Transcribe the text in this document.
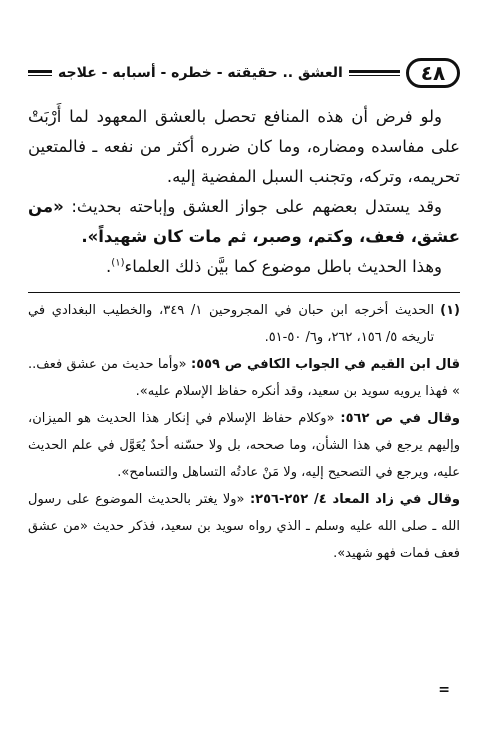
٤٨
العشق .. حقيقته - خطره - أسبابه - علاجه

ولو فرض أن هذه المنافع تحصل بالعشق المعهود لما أَرْبَتْ على مفاسده ومضاره، وما كان ضرره أكثر من نفعه ـ فالمتعين تحريمه، وتركه، وتجنب السبل المفضية إليه.

وقد يستدل بعضهم على جواز العشق وإباحته بحديث: «من عشق، فعف، وكتم، وصبر، ثم مات كان شهيداً».

وهذا الحديث باطل موضوع كما بيَّن ذلك العلماء$^{(١)}$.

(١)
الحديث أخرجه ابن حبان في المجروحين ١/ ٣٤٩، والخطيب البغدادي في تاريخه ٥/ ١٥٦، ٢٦٢، و٦/ ٥٠-٥١.

قال ابن القيم في الجواب الكافي ص ٥٥٩: «وأما حديث من عشق فعف.. » فهذا يرويه سويد بن سعيد، وقد أنكره حفاظ الإسلام عليه».

وقال في ص ٥٦٢: «وكلام حفاظ الإسلام في إنكار هذا الحديث هو الميزان، وإليهم يرجع في هذا الشأن، وما صححه، بل ولا حسّنه أحدٌ يُعَوَّل في علم الحديث عليه، ويرجع في التصحيح إليه، ولا مَنْ عادتُه التساهل والتسامح».

وقال في زاد المعاد ٤/ ٢٥٢-٢٥٦: «ولا يغتر بالحديث الموضوع على رسول الله ـ صلى الله عليه وسلم ـ الذي رواه سويد بن سعيد، فذكر حديث «من عشق فعف فمات فهو شهيد».

=
